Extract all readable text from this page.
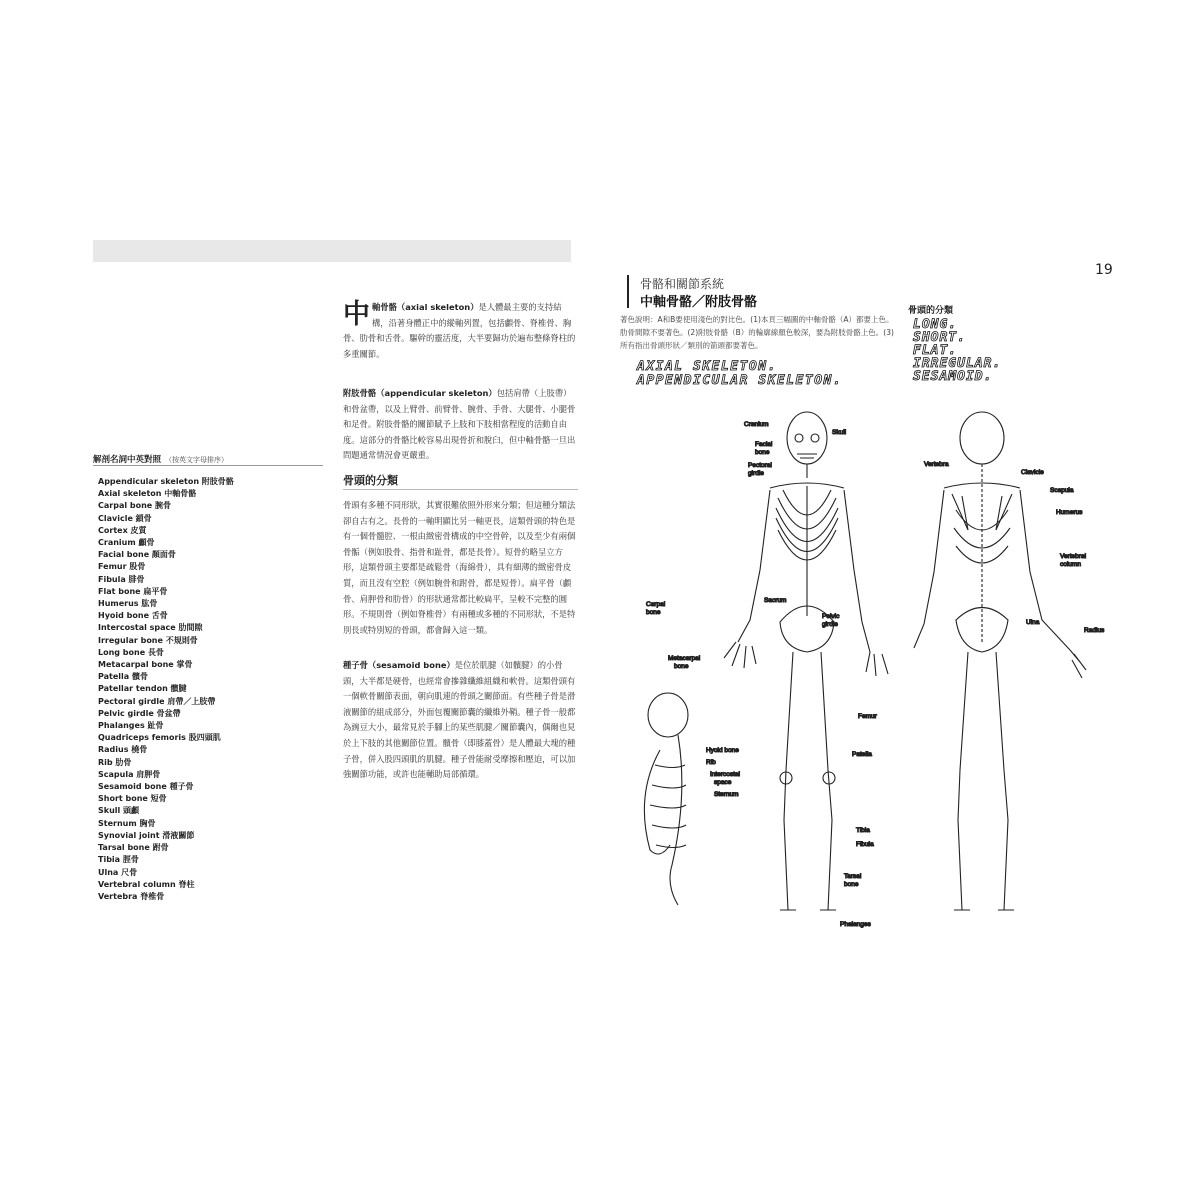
19
解剖名詞中英對照 （按英文字母排序）
Appendicular skeleton 附肢骨骼
Axial skeleton 中軸骨骼
Carpal bone 腕骨
Clavicle 鎖骨
Cortex 皮質
Cranium 顱骨
Facial bone 顏面骨
Femur 股骨
Fibula 腓骨
Flat bone 扁平骨
Humerus 肱骨
Hyoid bone 舌骨
Intercostal space 肋間隙
Irregular bone 不規則骨
Long bone 長骨
Metacarpal bone 掌骨
Patella 髕骨
Patellar tendon 髕腱
Pectoral girdle 肩帶／上肢帶
Pelvic girdle 骨盆帶
Phalanges 趾骨
Quadriceps femoris 股四頭肌
Radius 橈骨
Rib 肋骨
Scapula 肩胛骨
Sesamoid bone 種子骨
Short bone 短骨
Skull 頭顱
Sternum 胸骨
Synovial joint 滑液關節
Tarsal bone 跗骨
Tibia 脛骨
Ulna 尺骨
Vertebral column 脊柱
Vertebra 脊椎骨

中軸骨骼（axial skeleton）是人體最主要的支持結構，沿著身體正中的縱軸列置，包括顱骨、脊椎骨、胸骨、肋骨和舌骨。驅幹的靈活度，大半要歸功於遍布整條脊柱的多重關節。

附肢骨骼（appendicular skeleton）包括肩帶（上肢帶）和骨盆帶，以及上臂骨、前臂骨、腕骨、手骨、大腿骨、小腿骨和足骨。附肢骨骼的關節賦予上肢和下肢相當程度的活動自由度。這部分的骨骼比較容易出現骨折和脫臼，但中軸骨骼一旦出問題通常情況會更嚴重。
骨頭的分類
骨頭有多種不同形狀，其實很難依照外形來分類；但這種分類法卻自古有之。長骨的一軸明顯比另一軸更長，這類骨頭的特色是有一個骨髓腔、一根由緻密骨構成的中空骨幹，以及至少有兩個骨骺（例如股骨、指骨和趾骨，都是長骨）。短骨約略呈立方形，這類骨頭主要都是疏鬆骨（海綿骨），具有細薄的緻密骨皮質，而且沒有空腔（例如腕骨和跗骨，都是短骨）。扁平骨（顱骨、肩胛骨和肋骨）的形狀通常都比較扁平，呈較不完整的圓形。不規則骨（例如脊椎骨）有兩種或多種的不同形狀，不是特別長或特別短的骨頭，都會歸入這一類。
種子骨（sesamoid bone）是位於肌腱（如髕腱）的小骨頭，大半都是硬骨，也經常會摻雜纖維組織和軟骨。這類骨頭有一個軟骨關節表面，朝向肌連的骨頭之關節面。有些種子骨是滑液關節的組成部分，外面包覆關節囊的纖維外鞘。種子骨一般都為豌豆大小，最常見於手腳上的某些肌腱／關節囊內，偶爾也見於上下肢的其他關節位置。髕骨（即膝蓋骨）是人體最大塊的種子骨，併入股四頭肌的肌腱。種子骨能耐受摩擦和壓迫，可以加強關節功能，或許也能輔助局部循環。
骨骼和關節系統
中軸骨骼／附肢骨骼
著色說明：A和B要使用淺色的對比色。(1)本頁三幅圖的中軸骨骼（A）都要上色。肋骨間隙不要著色。(2)附肢骨骼（B）的輪廓線顏色較深，要為附肢骨骼上色。(3)所有指出骨頭形狀／類別的箭頭都要著色。
骨頭的分類
LONG.
SHORT.
FLAT.
IRREGULAR.
SESAMOID.
AXIAL SKELETON.
APPENDICULAR SKELETON.
Cranium
Skull
Facial
bone
Pectoral
girdle
Sacrum
Pelvic
girdle
Carpal
bone
Metacarpal
bone
Femur
Patella
Tibia
Fibula
Tarsal
bone
Phalanges
Vertebra
Clavicle
Scapula
Humerus
Vertebral
column
Ulna
Radius
Hyoid bone
Rib
Intercostal
space
Sternum
